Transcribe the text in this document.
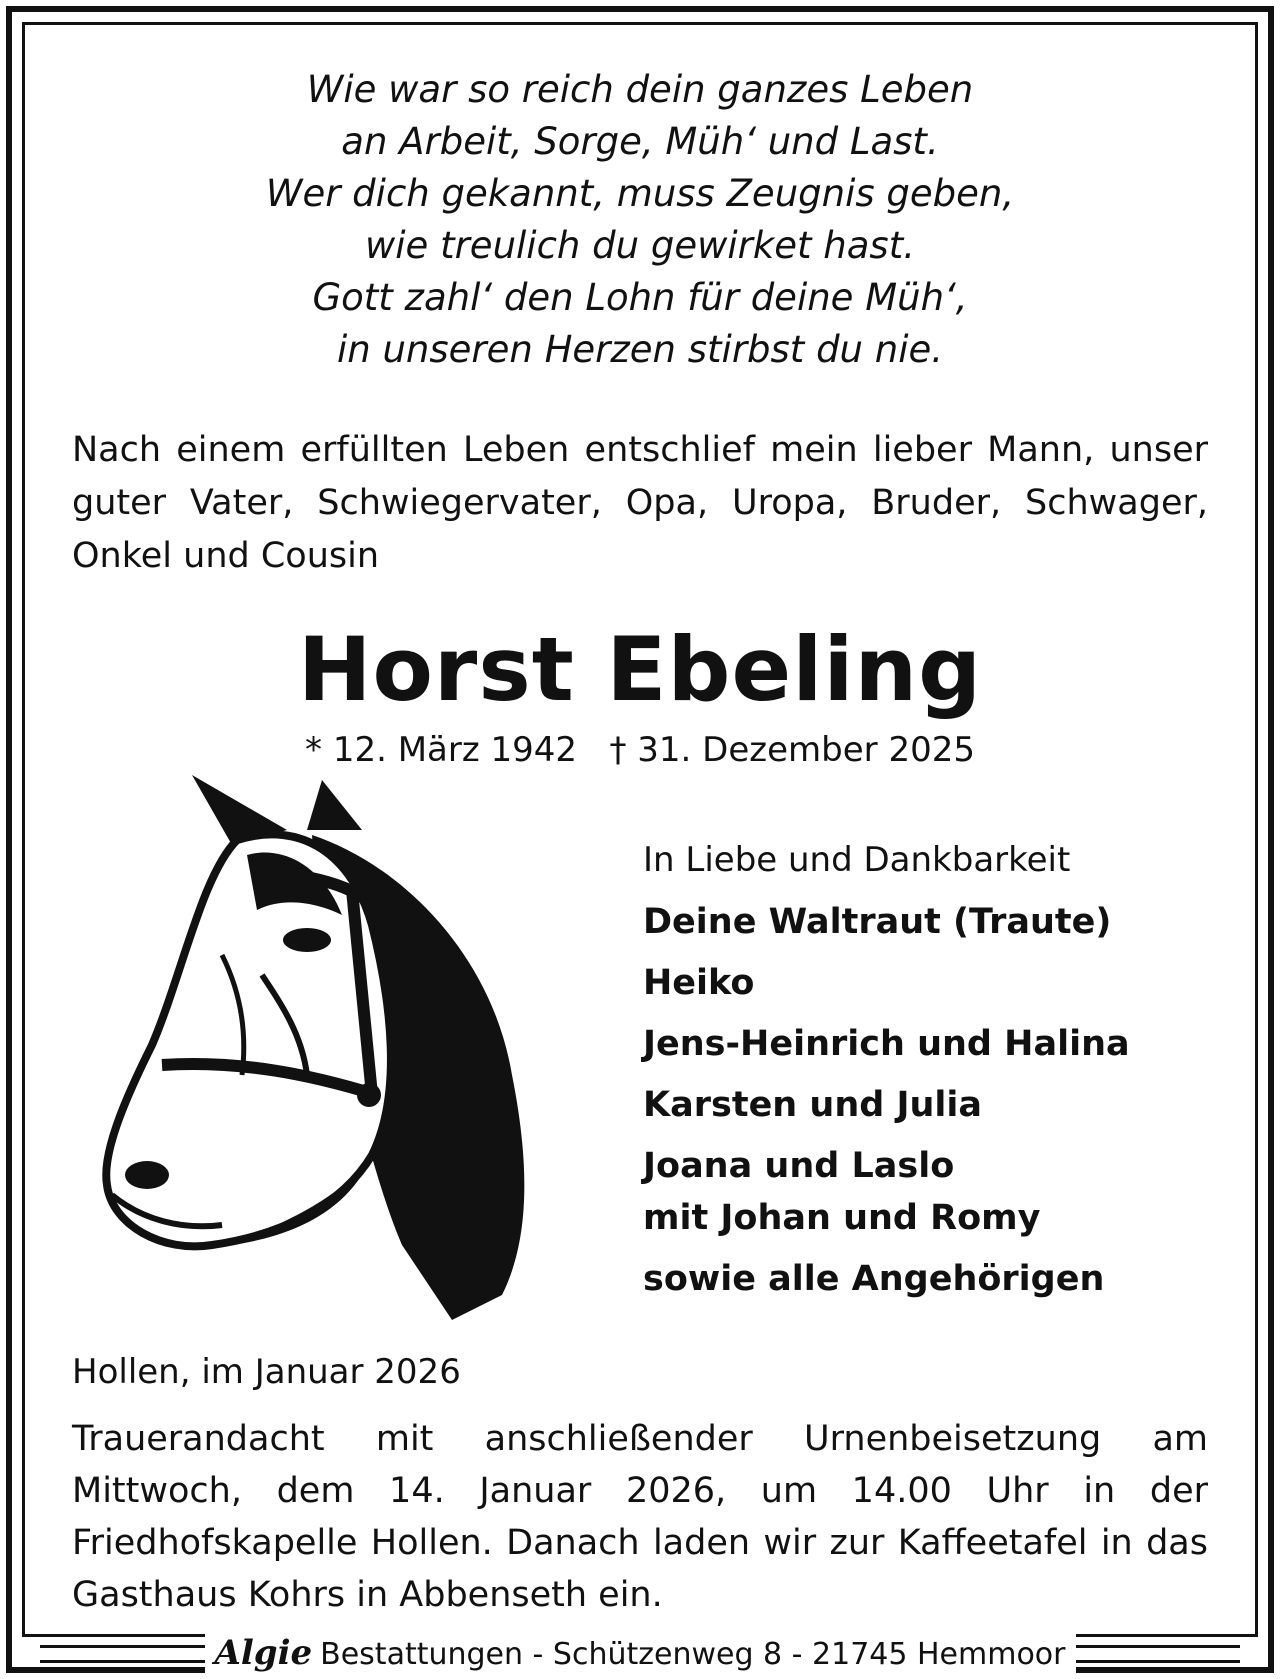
Wie war so reich dein ganzes Leben
an Arbeit, Sorge, Müh‘ und Last.
Wer dich gekannt, muss Zeugnis geben,
wie treulich du gewirket hast.
Gott zahl‘ den Lohn für deine Müh‘,
in unseren Herzen stirbst du nie.
Nach einem erfüllten Leben entschlief mein lieber Mann, unser guter Vater, Schwiegervater, Opa, Uropa, Bruder, Schwager, Onkel und Cousin
Horst Ebeling
* 12. März 1942 † 31. Dezember 2025
In Liebe und Dankbarkeit
Deine Waltraut (Traute)
Heiko
Jens-Heinrich und Halina
Karsten und Julia
Joana und Laslo
mit Johan und Romy
sowie alle Angehörigen
Hollen, im Januar 2026
Trauerandacht mit anschließender Urnenbeisetzung am Mittwoch, dem 14. Januar 2026, um 14.00 Uhr in der Friedhofskapelle Hollen. Danach laden wir zur Kaffeetafel in das Gasthaus Kohrs in Abbenseth ein.
Algie Bestattungen - Schützenweg 8 - 21745 Hemmoor
